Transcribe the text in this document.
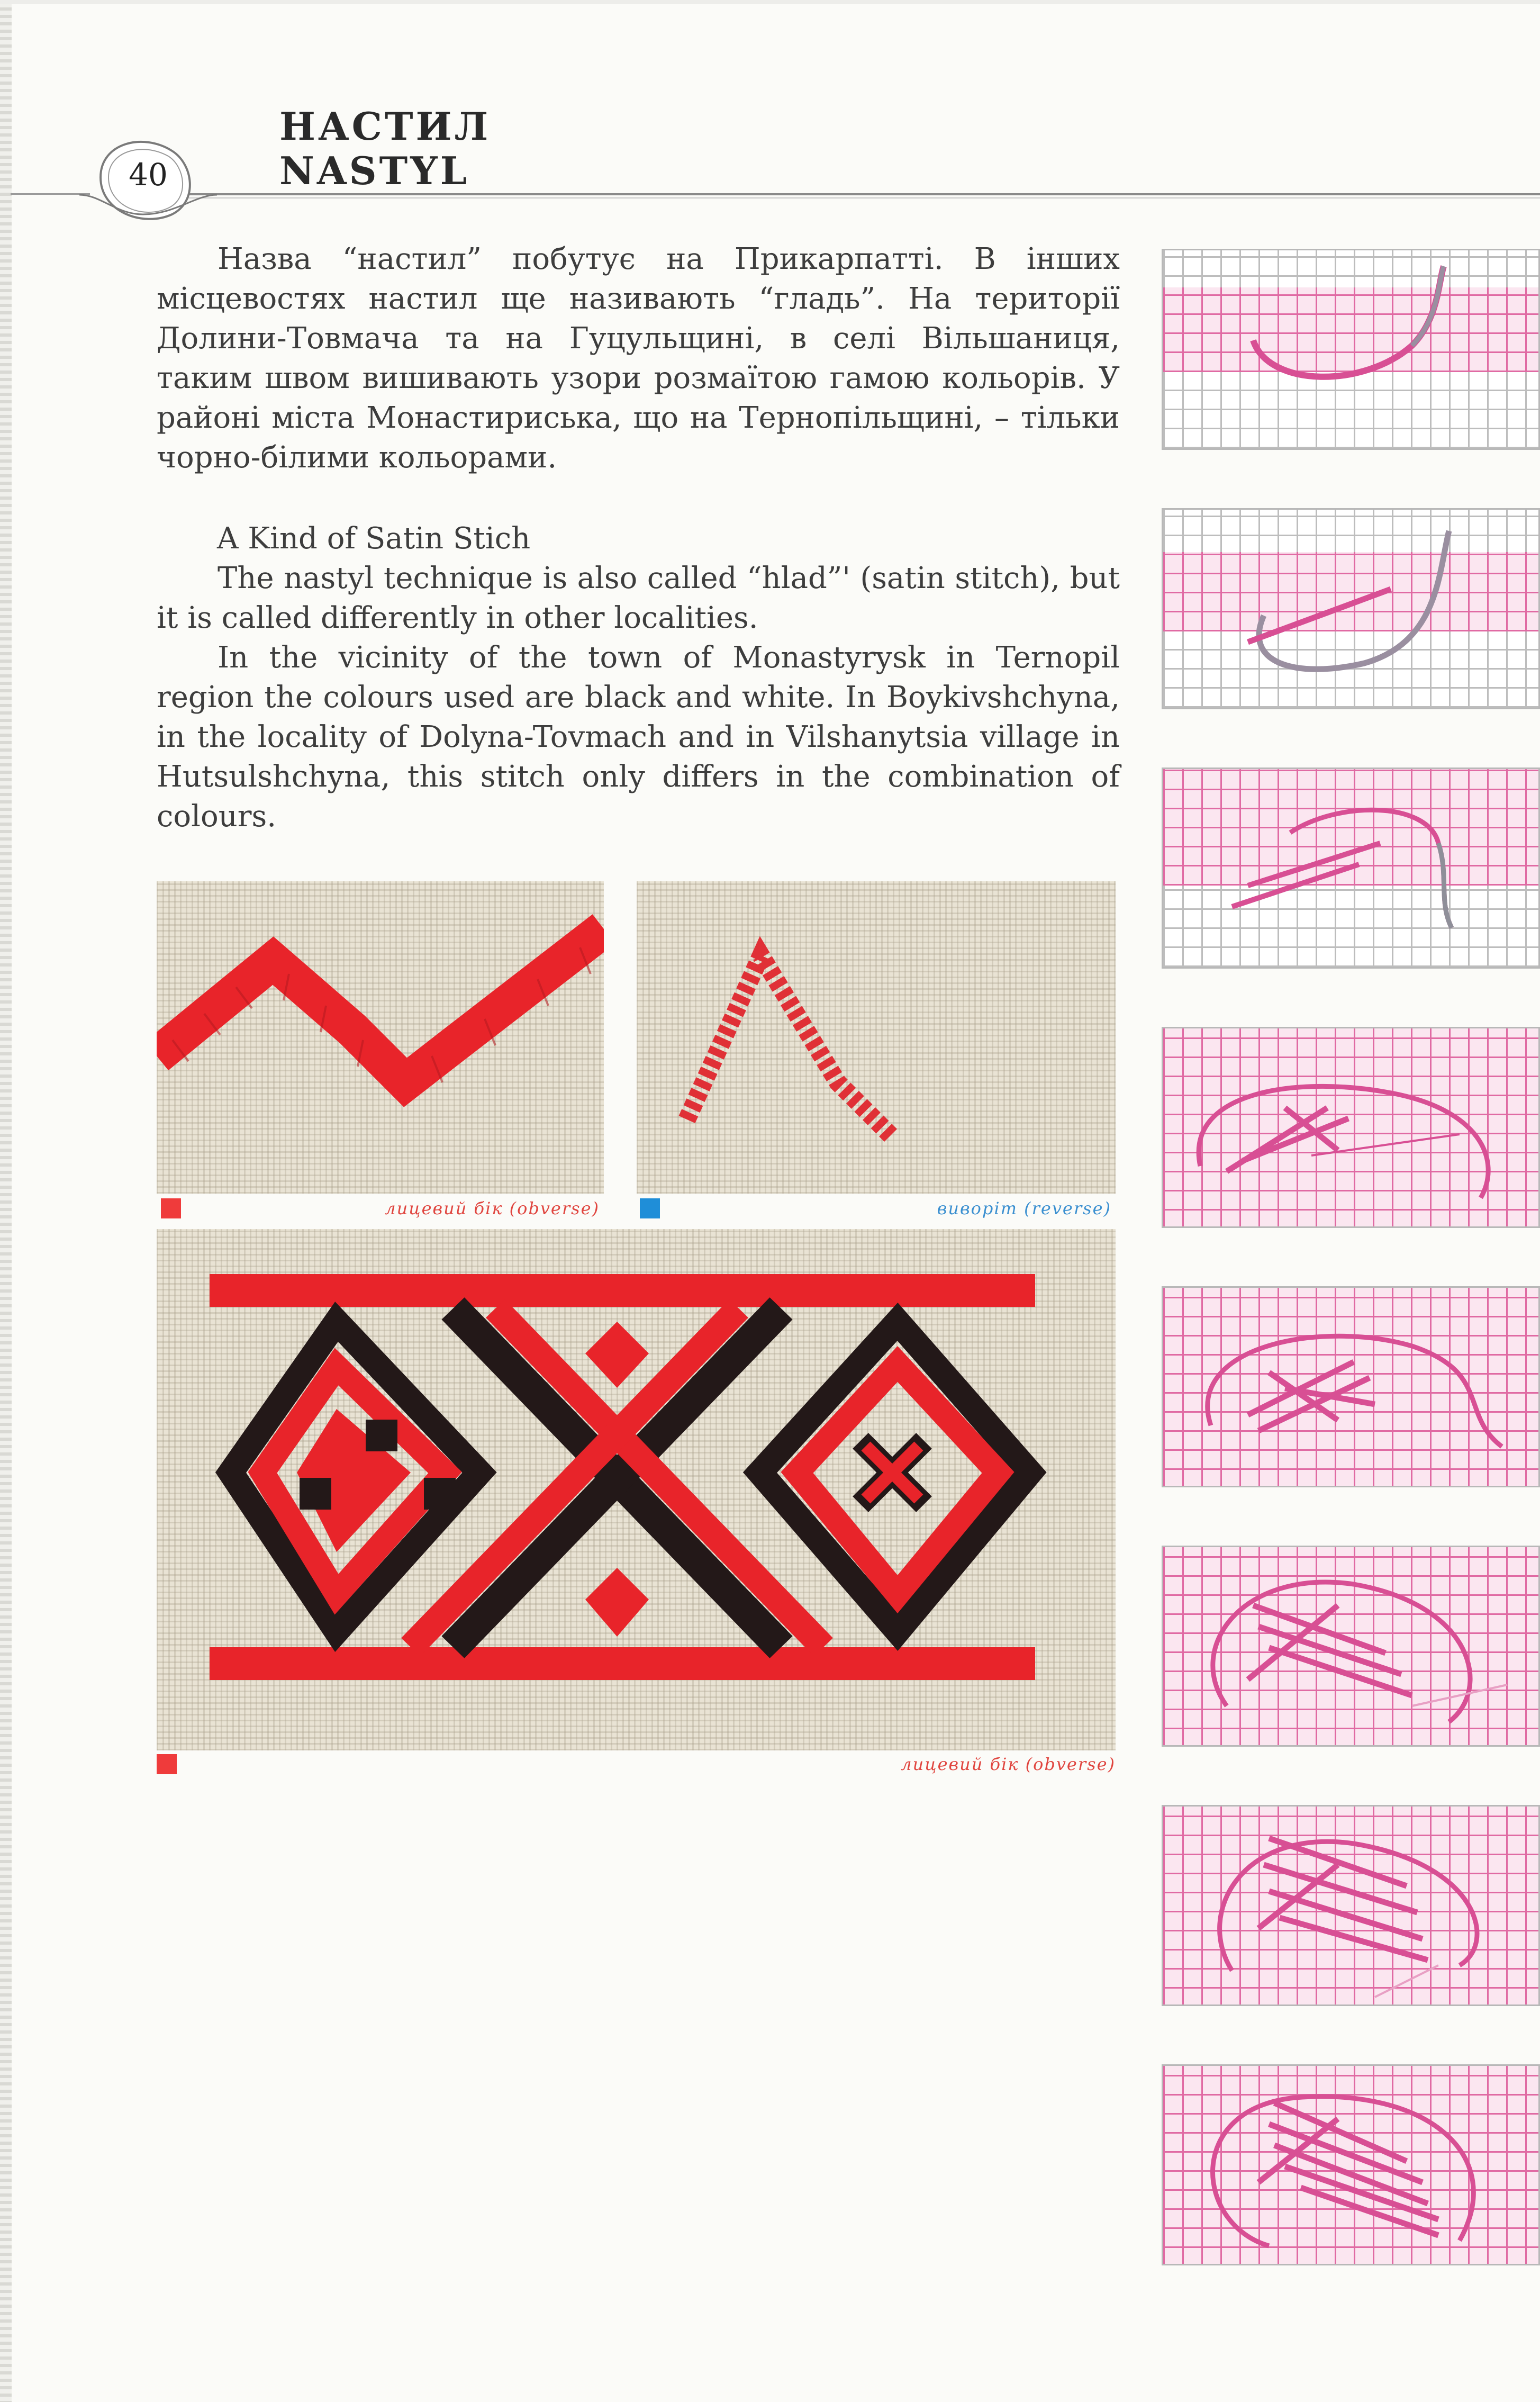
40
НАСТИЛ
NASTYL

Назва “настил” побутує на Прикарпатті. В інших місцевостях настил ще називають “гладь”. На території Долини-Товмача та на Гуцульщині, в селі Вільшаниця, таким швом вишивають узори розмаїтою гамою кольорів. У районі міста Монастириська, що на Тернопільщині, – тільки чорно-білими кольорами.

A Kind of Satin Stich

The nastyl technique is also called “hlad”' (satin stitch), but it is called differently in other localities.

In the vicinity of the town of Monastyrysk in Ternopil region the colours used are black and white. In Boykivshchyna, in the locality of Dolyna-Tovmach and in Vilshanytsia village in Hutsulshchyna, this stitch only differs in the combination of colours.

лицевий бік (obverse)	виворіт (reverse)
лицевий бік (obverse)
